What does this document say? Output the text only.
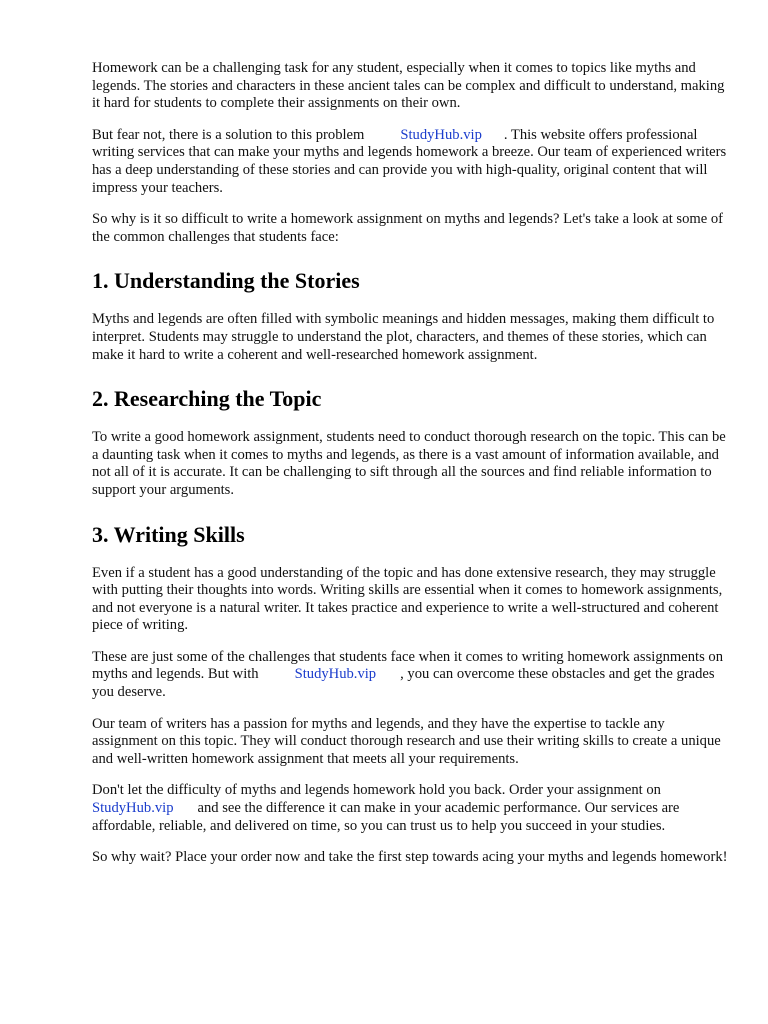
Homework can be a challenging task for any student, especially when it comes to topics like myths and legends. The stories and characters in these ancient tales can be complex and difficult to understand, making it hard for students to complete their assignments on their own.

But fear not, there is a solution to this problem StudyHub.vip . This website offers professional writing services that can make your myths and legends homework a breeze. Our team of experienced writers has a deep understanding of these stories and can provide you with high-quality, original content that will impress your teachers.

So why is it so difficult to write a homework assignment on myths and legends? Let's take a look at some of the common challenges that students face:

1. Understanding the Stories

Myths and legends are often filled with symbolic meanings and hidden messages, making them difficult to interpret. Students may struggle to understand the plot, characters, and themes of these stories, which can make it hard to write a coherent and well-researched homework assignment.

2. Researching the Topic

To write a good homework assignment, students need to conduct thorough research on the topic. This can be a daunting task when it comes to myths and legends, as there is a vast amount of information available, and not all of it is accurate. It can be challenging to sift through all the sources and find reliable information to support your arguments.

3. Writing Skills

Even if a student has a good understanding of the topic and has done extensive research, they may struggle with putting their thoughts into words. Writing skills are essential when it comes to homework assignments, and not everyone is a natural writer. It takes practice and experience to write a well-structured and coherent piece of writing.

These are just some of the challenges that students face when it comes to writing homework assignments on myths and legends. But with StudyHub.vip , you can overcome these obstacles and get the grades you deserve.

Our team of writers has a passion for myths and legends, and they have the expertise to tackle any assignment on this topic. They will conduct thorough research and use their writing skills to create a unique and well-written homework assignment that meets all your requirements.

Don't let the difficulty of myths and legends homework hold you back. Order your assignment on StudyHub.vip and see the difference it can make in your academic performance. Our services are affordable, reliable, and delivered on time, so you can trust us to help you succeed in your studies.

So why wait? Place your order now and take the first step towards acing your myths and legends homework!
